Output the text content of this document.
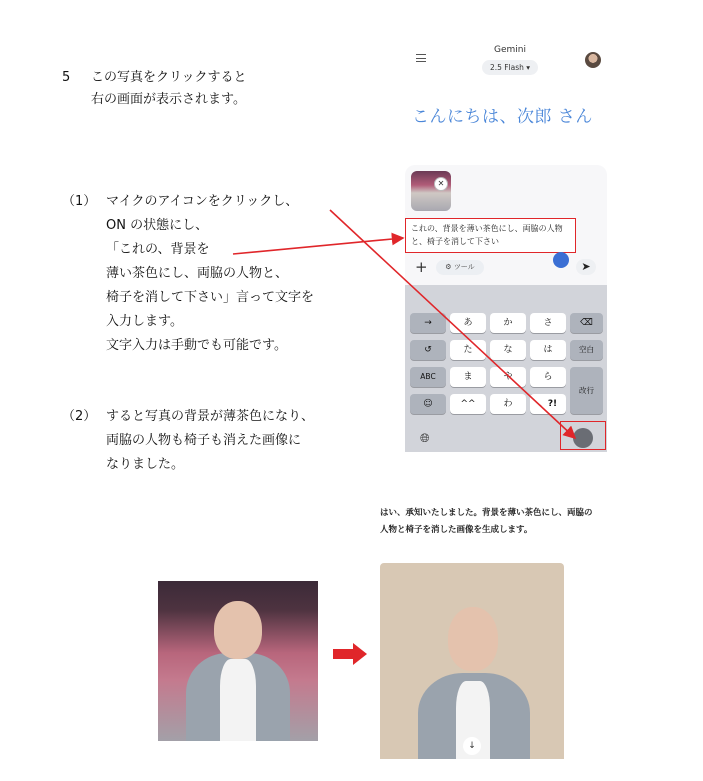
5 この写真をクリックすると
右の画面が表示されます。
（1） マイクのアイコンをクリックし、
ON の状態にし、
「これの、背景を
薄い茶色にし、両脇の人物と、
椅子を消して下さい」言って文字を
入力します。
文字入力は手動でも可能です。
（2） すると写真の背景が薄茶色になり、
両脇の人物も椅子も消えた画像に
なりました。
Gemini
2.5 Flash ▾
こんにちは、次郎 さん
✕
これの、背景を薄い茶色にし、両脇の人物と、椅子を消して下さい
+	⚙ ツール	➤
→	あ	か	さ	⌫
↺	た	な	は	空白
ABC	ま	や	ら
改行
☺	^^	わ	、?!
🌐︎
はい、承知いたしました。背景を薄い茶色にし、両脇の人物と椅子を消した画像を生成します。
↓
